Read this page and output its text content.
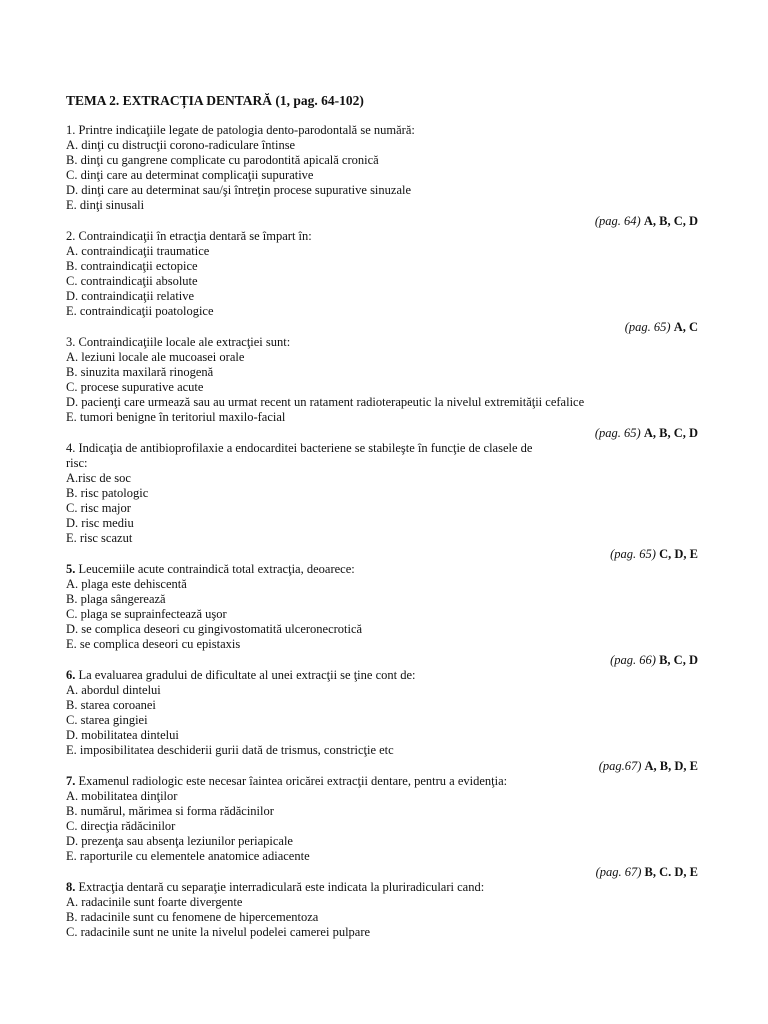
TEMA 2. EXTRACȚIA DENTARĂ (1, pag. 64-102)
1. Printre indicaţiile legate de patologia dento-parodontală se numără:
A. dinţi cu distrucţii corono-radiculare întinse
B. dinţi cu gangrene complicate cu parodontită apicală cronică
C. dinţi care au determinat complicaţii supurative
D. dinţi care au determinat sau/şi întreţin procese supurative sinuzale
E. dinţi sinusali
(pag. 64) A, B, C, D
2. Contraindicaţii în etracţia dentară se împart în:
A. contraindicaţii traumatice
B. contraindicaţii ectopice
C. contraindicaţii absolute
D. contraindicaţii relative
E. contraindicaţii poatologice
(pag. 65) A, C
3. Contraindicaţiile locale ale extracţiei sunt:
A. leziuni locale ale mucoasei orale
B. sinuzita maxilară rinogenă
C. procese supurative acute
D. pacienţi care urmează sau au urmat recent un ratament radioterapeutic la nivelul extremităţii cefalice
E. tumori benigne în teritoriul maxilo-facial
(pag. 65) A, B, C, D
4. Indicaţia de antibioprofilaxie a endocarditei bacteriene se stabileşte în funcţie de clasele de risc:
A.risc de soc
B. risc patologic
C. risc major
D. risc mediu
E. risc scazut
(pag. 65) C, D, E
5. Leucemiile acute contraindică total extracţia, deoarece:
A. plaga este dehiscentă
B. plaga sângerează
C. plaga se suprainfectează uşor
D. se complica deseori cu gingivostomatită ulceronecrotică
E. se complica deseori cu epistaxis
(pag. 66) B, C, D
6. La evaluarea gradului de dificultate al unei extracţii se ţine cont de:
A. abordul dintelui
B. starea coroanei
C. starea gingiei
D. mobilitatea dintelui
E. imposibilitatea deschiderii gurii dată de trismus, constricţie etc
(pag.67) A, B, D, E
7. Examenul radiologic este necesar îaintea oricărei extracţii dentare, pentru a evidenţia:
A. mobilitatea dinţilor
B. numărul, mărimea si forma rădăcinilor
C. direcţia rădăcinilor
D. prezenţa sau absenţa leziunilor periapicale
E. raporturile cu elementele anatomice adiacente
(pag. 67) B, C. D, E
8. Extracţia dentară cu separaţie interradiculară este indicata la pluriradiculari cand:
A. radacinile sunt foarte divergente
B. radacinile sunt cu fenomene de hipercementoza
C. radacinile sunt ne unite la nivelul podelei camerei pulpare
